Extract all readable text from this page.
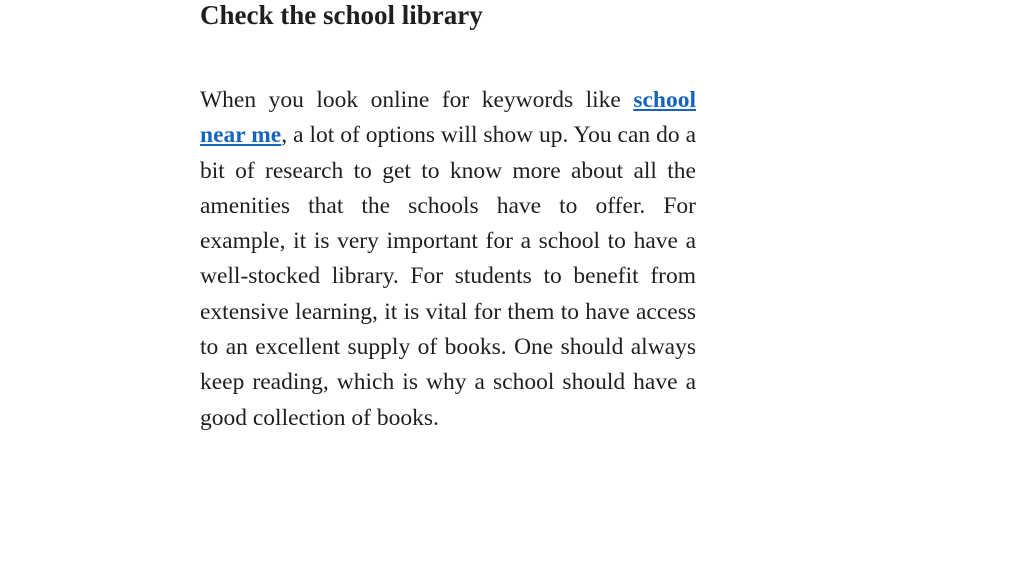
Check the school library

When you look online for keywords like school near me, a lot of options will show up. You can do a bit of research to get to know more about all the amenities that the schools have to offer. For example, it is very important for a school to have a well-stocked library. For students to benefit from extensive learning, it is vital for them to have access to an excellent supply of books. One should always keep reading, which is why a school should have a good collection of books.
